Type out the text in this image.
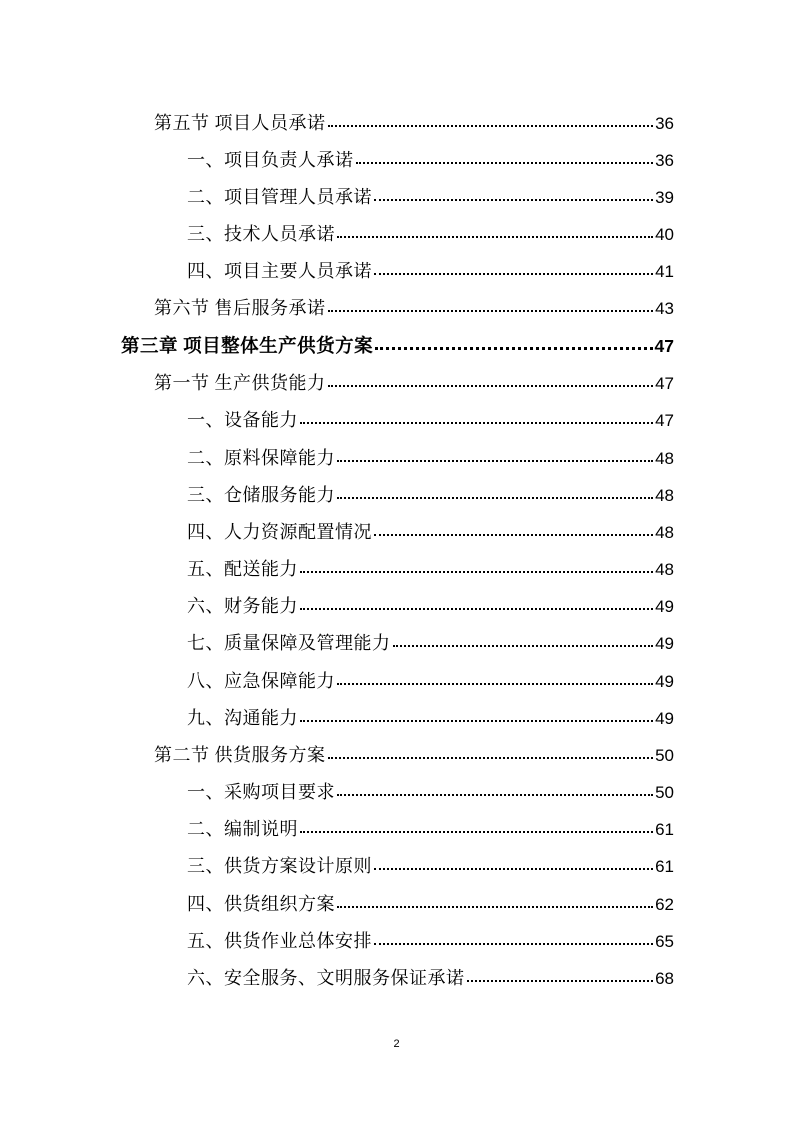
第五节 项目人员承诺	36
一、项目负责人承诺	36
二、项目管理人员承诺	39
三、技术人员承诺	40
四、项目主要人员承诺	41
第六节 售后服务承诺	43
第三章 项目整体生产供货方案	47
第一节 生产供货能力	47
一、设备能力	47
二、原料保障能力	48
三、仓储服务能力	48
四、人力资源配置情况	48
五、配送能力	48
六、财务能力	49
七、质量保障及管理能力	49
八、应急保障能力	49
九、沟通能力	49
第二节 供货服务方案	50
一、采购项目要求	50
二、编制说明	61
三、供货方案设计原则	61
四、供货组织方案	62
五、供货作业总体安排	65
六、安全服务、文明服务保证承诺	68
2
